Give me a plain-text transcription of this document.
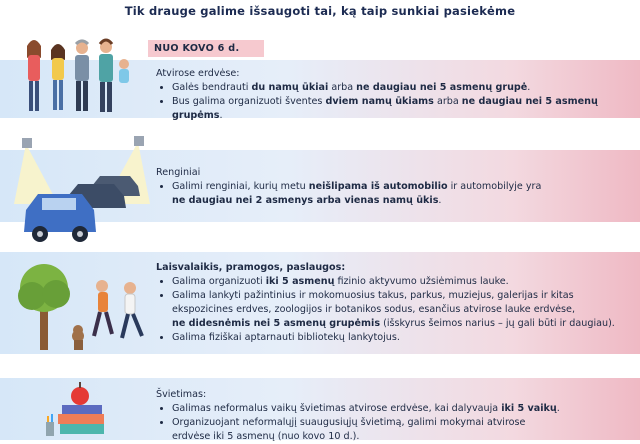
Tik drauge galime išsaugoti tai, ką taip sunkiai pasiekėme
NUO KOVO 6 d.

Atvirose erdvėse:

• Galės bendrauti du namų ūkiai arba ne daugiau nei 5 asmenų grupė.
• Bus galima organizuoti šventes dviem namų ūkiams arba ne daugiau nei 5 asmenų grupėms.

Renginiai

• Galimi renginiai, kurių metu neišlipama iš automobilio ir automobilyje yra
ne daugiau nei 2 asmenys arba vienas namų ūkis.

Laisvalaikis, pramogos, paslaugos:

• Galima organizuoti iki 5 asmenų fizinio aktyvumo užsiėmimus lauke.
• Galima lankyti pažintinius ir mokomuosius takus, parkus, muziejus, galerijas ir kitas
ekspozicines erdves, zoologijos ir botanikos sodus, esančius atvirose lauke erdvėse,
ne didesnėmis nei 5 asmenų grupėmis (išskyrus šeimos narius – jų gali būti ir daugiau).
• Galima fiziškai aptarnauti bibliotekų lankytojus.

Švietimas:

• Galimas neformalus vaikų švietimas atvirose erdvėse, kai dalyvauja iki 5 vaikų.
• Organizuojant neformalųjį suaugusiųjų švietimą, galimi mokymai atvirose
erdvėse iki 5 asmenų (nuo kovo 10 d.).
